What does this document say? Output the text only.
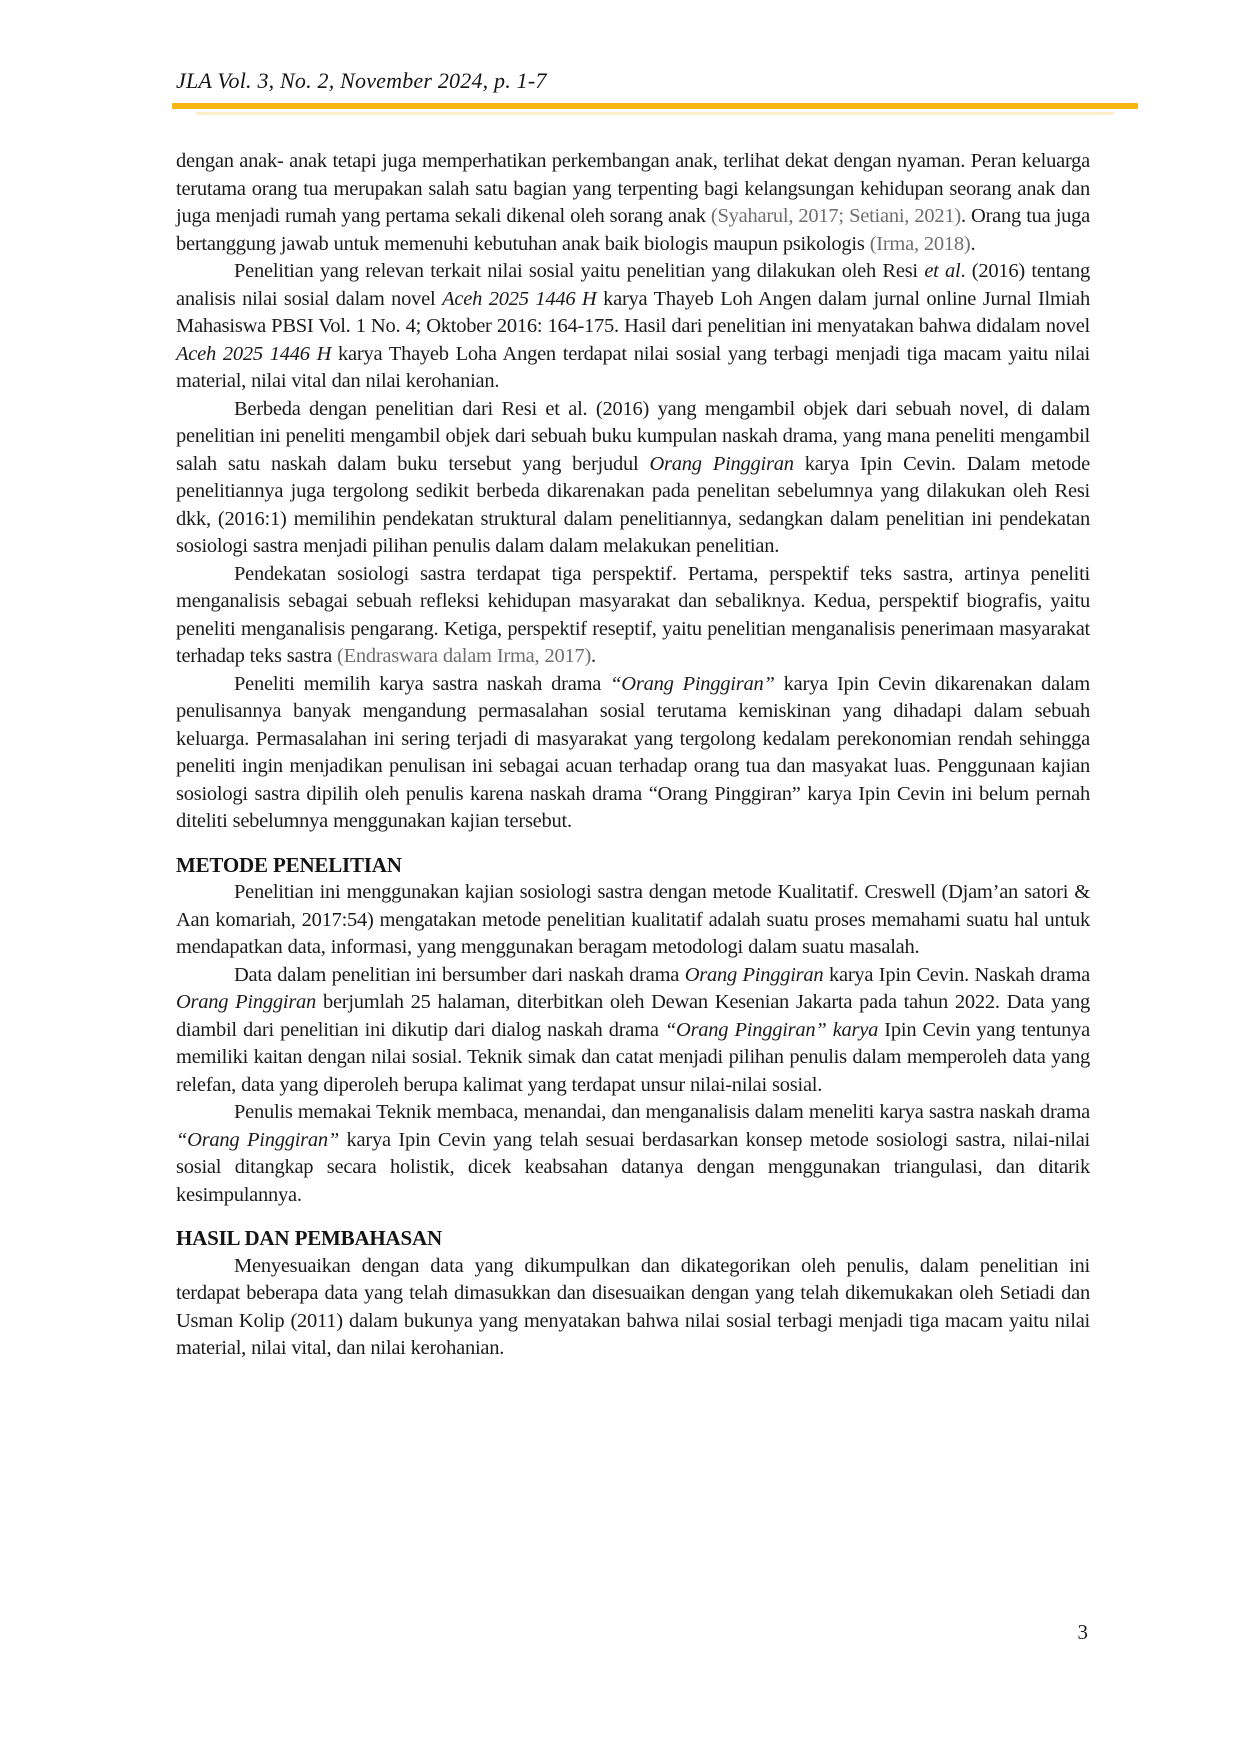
JLA Vol. 3, No. 2, November 2024, p. 1-7

dengan anak- anak tetapi juga memperhatikan perkembangan anak, terlihat dekat dengan nyaman. Peran keluarga terutama orang tua merupakan salah satu bagian yang terpenting bagi kelangsungan kehidupan seorang anak dan juga menjadi rumah yang pertama sekali dikenal oleh sorang anak (Syaharul, 2017; Setiani, 2021). Orang tua juga bertanggung jawab untuk memenuhi kebutuhan anak baik biologis maupun psikologis (Irma, 2018).

Penelitian yang relevan terkait nilai sosial yaitu penelitian yang dilakukan oleh Resi et al. (2016) tentang analisis nilai sosial dalam novel Aceh 2025 1446 H karya Thayeb Loh Angen dalam jurnal online Jurnal Ilmiah Mahasiswa PBSI Vol. 1 No. 4; Oktober 2016: 164-175. Hasil dari penelitian ini menyatakan bahwa didalam novel Aceh 2025 1446 H karya Thayeb Loha Angen terdapat nilai sosial yang terbagi menjadi tiga macam yaitu nilai material, nilai vital dan nilai kerohanian.

Berbeda dengan penelitian dari Resi et al. (2016) yang mengambil objek dari sebuah novel, di dalam penelitian ini peneliti mengambil objek dari sebuah buku kumpulan naskah drama, yang mana peneliti mengambil salah satu naskah dalam buku tersebut yang berjudul Orang Pinggiran karya Ipin Cevin. Dalam metode penelitiannya juga tergolong sedikit berbeda dikarenakan pada penelitan sebelumnya yang dilakukan oleh Resi dkk, (2016:1) memilihin pendekatan struktural dalam penelitiannya, sedangkan dalam penelitian ini pendekatan sosiologi sastra menjadi pilihan penulis dalam dalam melakukan penelitian.

Pendekatan sosiologi sastra terdapat tiga perspektif. Pertama, perspektif teks sastra, artinya peneliti menganalisis sebagai sebuah refleksi kehidupan masyarakat dan sebaliknya. Kedua, perspektif biografis, yaitu peneliti menganalisis pengarang. Ketiga, perspektif reseptif, yaitu penelitian menganalisis penerimaan masyarakat terhadap teks sastra (Endraswara dalam Irma, 2017).

Peneliti memilih karya sastra naskah drama “Orang Pinggiran” karya Ipin Cevin dikarenakan dalam penulisannya banyak mengandung permasalahan sosial terutama kemiskinan yang dihadapi dalam sebuah keluarga. Permasalahan ini sering terjadi di masyarakat yang tergolong kedalam perekonomian rendah sehingga peneliti ingin menjadikan penulisan ini sebagai acuan terhadap orang tua dan masyakat luas. Penggunaan kajian sosiologi sastra dipilih oleh penulis karena naskah drama “Orang Pinggiran” karya Ipin Cevin ini belum pernah diteliti sebelumnya menggunakan kajian tersebut.

METODE PENELITIAN

Penelitian ini menggunakan kajian sosiologi sastra dengan metode Kualitatif. Creswell (Djam’an satori & Aan komariah, 2017:54) mengatakan metode penelitian kualitatif adalah suatu proses memahami suatu hal untuk mendapatkan data, informasi, yang menggunakan beragam metodologi dalam suatu masalah.

Data dalam penelitian ini bersumber dari naskah drama Orang Pinggiran karya Ipin Cevin. Naskah drama Orang Pinggiran berjumlah 25 halaman, diterbitkan oleh Dewan Kesenian Jakarta pada tahun 2022. Data yang diambil dari penelitian ini dikutip dari dialog naskah drama “Orang Pinggiran” karya Ipin Cevin yang tentunya memiliki kaitan dengan nilai sosial. Teknik simak dan catat menjadi pilihan penulis dalam memperoleh data yang relefan, data yang diperoleh berupa kalimat yang terdapat unsur nilai-nilai sosial.

Penulis memakai Teknik membaca, menandai, dan menganalisis dalam meneliti karya sastra naskah drama “Orang Pinggiran” karya Ipin Cevin yang telah sesuai berdasarkan konsep metode sosiologi sastra, nilai-nilai sosial ditangkap secara holistik, dicek keabsahan datanya dengan menggunakan triangulasi, dan ditarik kesimpulannya.

HASIL DAN PEMBAHASAN

Menyesuaikan dengan data yang dikumpulkan dan dikategorikan oleh penulis, dalam penelitian ini terdapat beberapa data yang telah dimasukkan dan disesuaikan dengan yang telah dikemukakan oleh Setiadi dan Usman Kolip (2011) dalam bukunya yang menyatakan bahwa nilai sosial terbagi menjadi tiga macam yaitu nilai material, nilai vital, dan nilai kerohanian.

3
